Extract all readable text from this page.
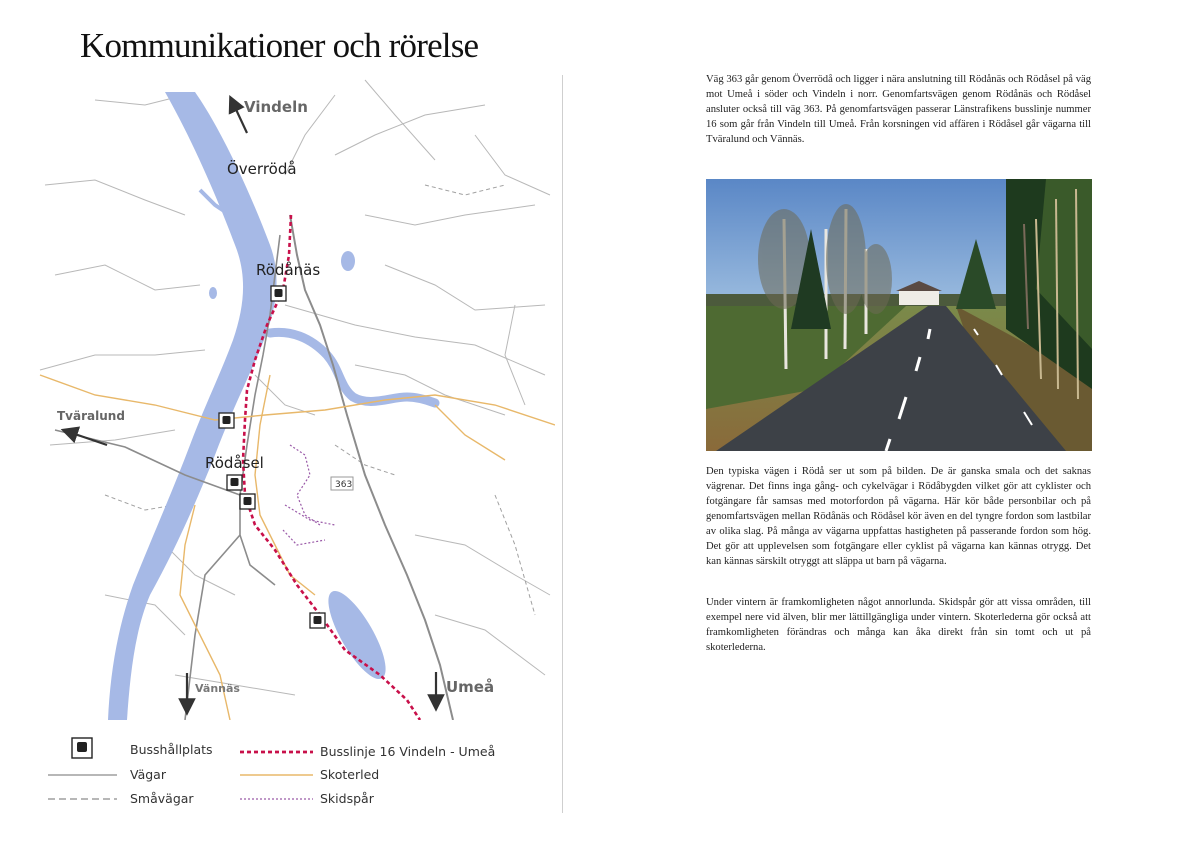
Kommunikationer och rörelse
Vindeln
Överrödå
Rödånäs
Tväralund
Rödåsel
Vännäs	Umeå
363
Busshållplats
Vägar
Småvägar
Busslinje 16 Vindeln - Umeå
Skoterled
Skidspår

Väg 363 går genom Överrödå och ligger i nära anslutning till Rödånäs och Rödåsel på väg mot Umeå i söder och Vindeln i norr. Genomfartsvägen genom Rödånäs och Rödåsel ansluter också till väg 363. På genomfartsvägen passerar Länstrafikens busslinje nummer 16 som går från Vindeln till Umeå. Från korsningen vid affären i Rödåsel går vägarna till Tväralund och Vännäs.

Den typiska vägen i Rödå ser ut som på bilden. De är ganska smala och det saknas vägrenar. Det finns inga gång- och cykelvägar i Rödåbygden vilket gör att cyklister och fotgängare får samsas med motorfordon på vägarna. Här kör både personbilar och på genomfartsvägen mellan Rödånäs och Rödåsel kör även en del tyngre fordon som lastbilar av olika slag. På många av vägarna uppfattas hastigheten på passerande fordon som hög. Det gör att upplevelsen som fotgängare eller cyklist på vägarna kan kännas otrygg. Det kan kännas särskilt otryggt att släppa ut barn på vägarna.

Under vintern är framkomligheten något annorlunda. Skidspår gör att vissa områden, till exempel nere vid älven, blir mer lättillgängliga under vintern. Skoterlederna gör också att framkomligheten förändras och många kan åka direkt från sin tomt och ut på skoterlederna.
